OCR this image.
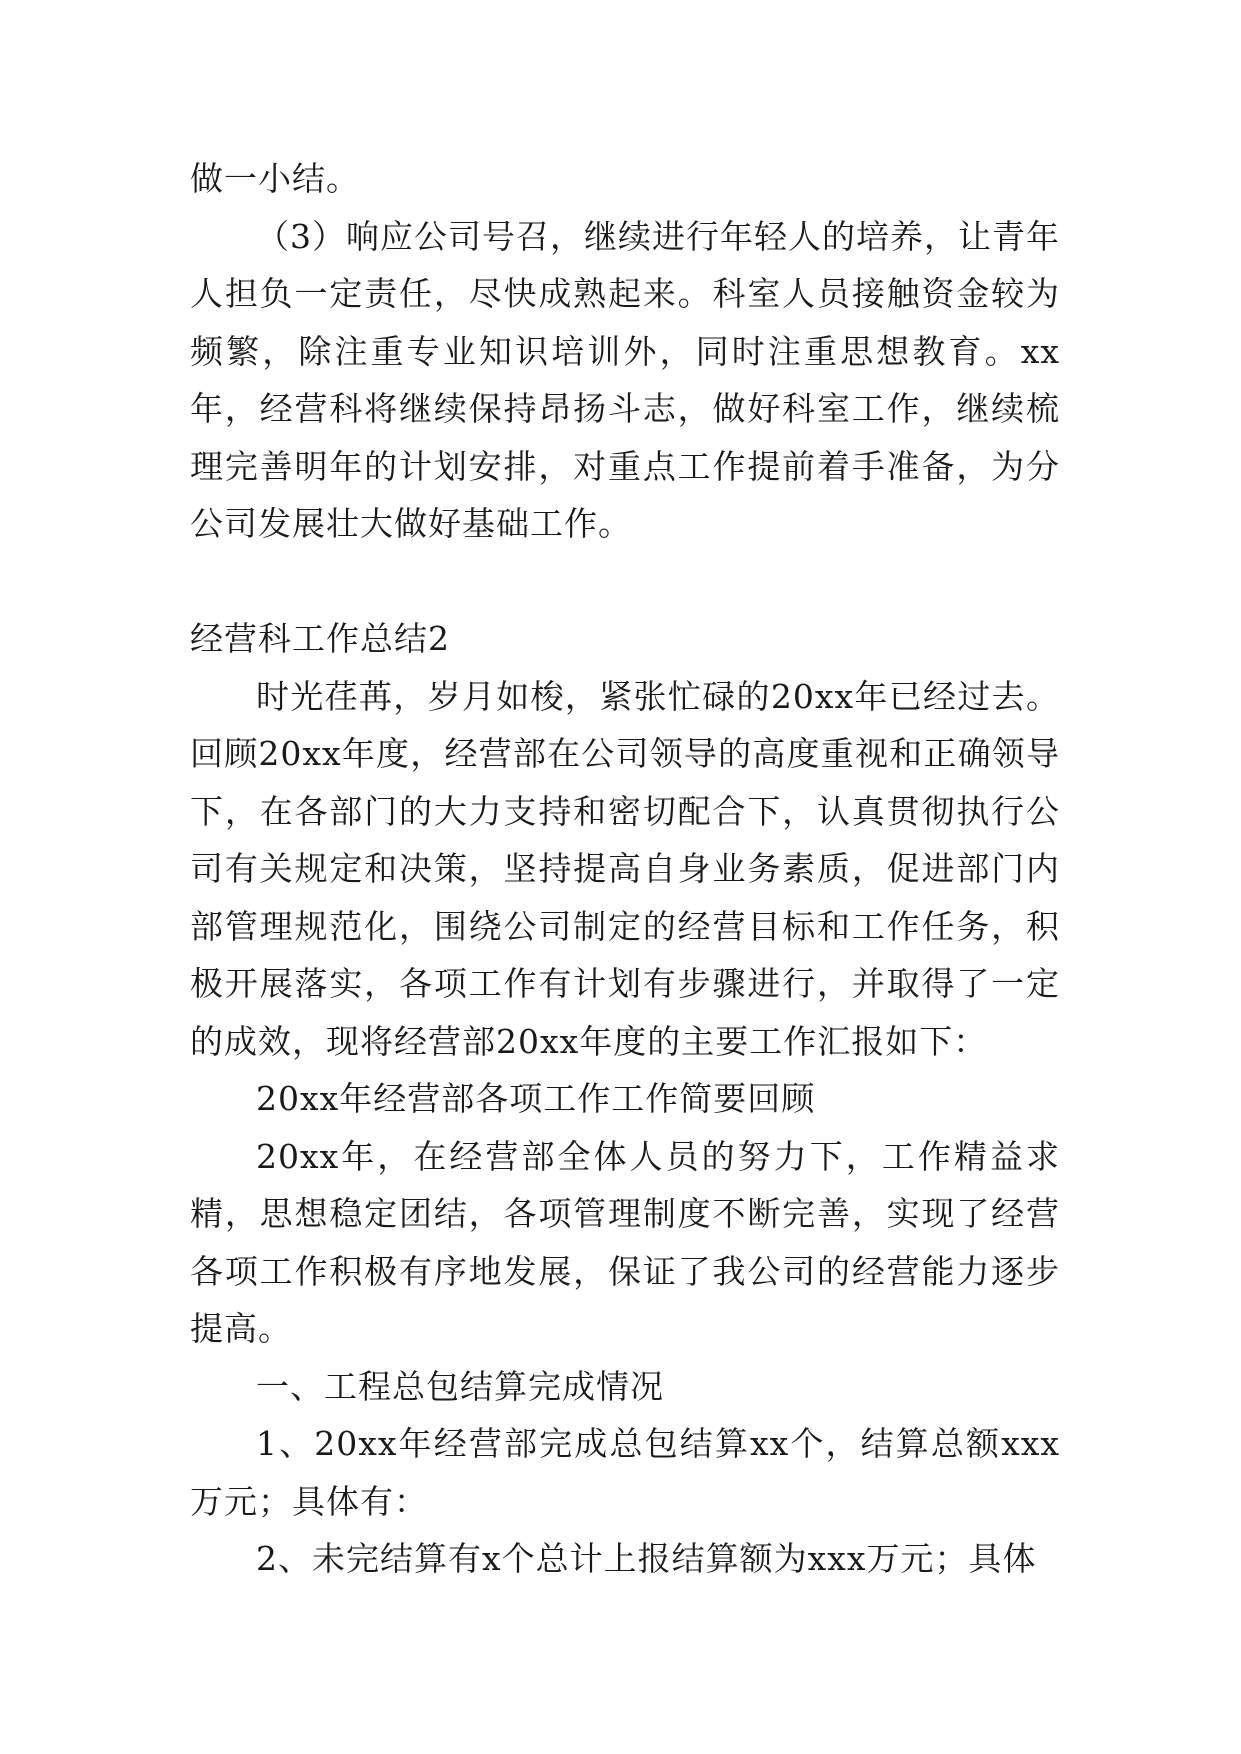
做一小结。

（3）响应公司号召，继续进行年轻人的培养，让青年人担负一定责任，尽快成熟起来。科室人员接触资金较为频繁，除注重专业知识培训外，同时注重思想教育。xx年，经营科将继续保持昂扬斗志，做好科室工作，继续梳理完善明年的计划安排，对重点工作提前着手准备，为分公司发展壮大做好基础工作。

经营科工作总结2

时光荏苒，岁月如梭，紧张忙碌的20xx年已经过去。回顾20xx年度，经营部在公司领导的高度重视和正确领导下，在各部门的大力支持和密切配合下，认真贯彻执行公司有关规定和决策，坚持提高自身业务素质，促进部门内部管理规范化，围绕公司制定的经营目标和工作任务，积极开展落实，各项工作有计划有步骤进行，并取得了一定的成效，现将经营部20xx年度的主要工作汇报如下：

20xx年经营部各项工作工作简要回顾

20xx年，在经营部全体人员的努力下，工作精益求精，思想稳定团结，各项管理制度不断完善，实现了经营各项工作积极有序地发展，保证了我公司的经营能力逐步提高。

一、工程总包结算完成情况

1、20xx年经营部完成总包结算xx个，结算总额xxx万元；具体有：

2、未完结算有x个总计上报结算额为xxx万元；具体
